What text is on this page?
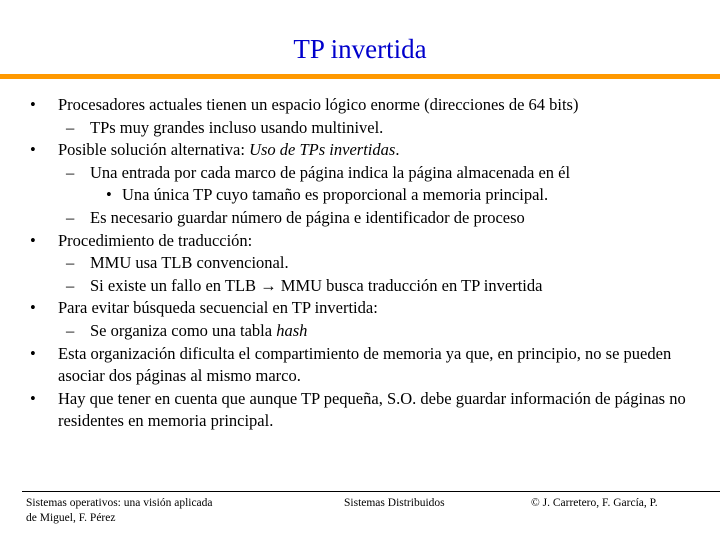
TP invertida
• Procesadores actuales tienen un espacio lógico enorme (direcciones de 64 bits)
– TPs muy grandes incluso usando multinivel.
• Posible solución alternativa: Uso de TPs invertidas.
– Una entrada por cada marco de página indica la página almacenada en él
• Una única TP cuyo tamaño es proporcional a memoria principal.
– Es necesario guardar número de página e identificador de proceso
• Procedimiento de traducción:
– MMU usa TLB convencional.
– Si existe un fallo en TLB → MMU busca traducción en TP invertida
• Para evitar búsqueda secuencial en TP invertida:
– Se organiza como una tabla hash
• Esta organización dificulta el compartimiento de memoria ya que, en principio, no se pueden asociar dos páginas al mismo marco.
• Hay que tener en cuenta que aunque TP pequeña, S.O. debe guardar información de páginas no residentes en memoria principal.
Sistemas operativos: una visión aplicada
de Miguel, F. Pérez
Sistemas Distribuidos	© J. Carretero, F. García, P.
